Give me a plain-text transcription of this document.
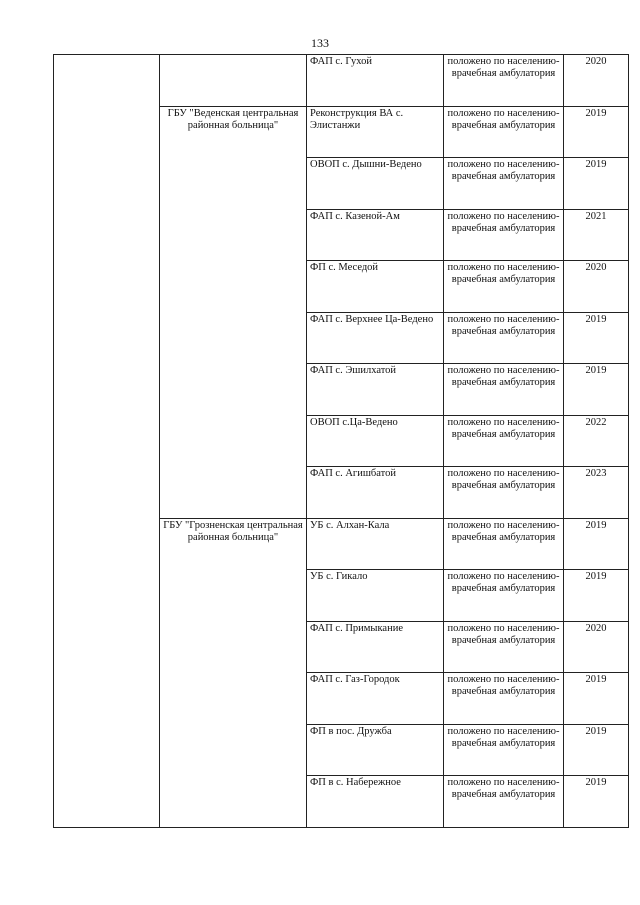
133
		ФАП с. Гухой	положено по населению- врачебная амбулатория	2020
	ГБУ "Веденская центральная районная больница"	Реконструкция ВА с. Элистанжи	положено по населению- врачебная амбулатория	2019
		ОВОП с. Дышни-Ведено	положено по населению- врачебная амбулатория	2019
		ФАП с. Казеной-Ам	положено по населению- врачебная амбулатория	2021
		ФП с. Меседой	положено по населению- врачебная амбулатория	2020
		ФАП с. Верхнее Ца-Ведено	положено по населению- врачебная амбулатория	2019
		ФАП с. Эшилхатой	положено по населению- врачебная амбулатория	2019
		ОВОП с.Ца-Ведено	положено по населению- врачебная амбулатория	2022
		ФАП с. Агишбатой	положено по населению- врачебная амбулатория	2023
	ГБУ "Грозненская центральная районная больница"	УБ с. Алхан-Кала	положено по населению- врачебная амбулатория	2019
		УБ с. Гикало	положено по населению- врачебная амбулатория	2019
		ФАП с. Примыкание	положено по населению- врачебная амбулатория	2020
		ФАП с. Газ-Городок	положено по населению- врачебная амбулатория	2019
		ФП в пос. Дружба	положено по населению- врачебная амбулатория	2019
		ФП в с. Набережное	положено по населению- врачебная амбулатория	2019
